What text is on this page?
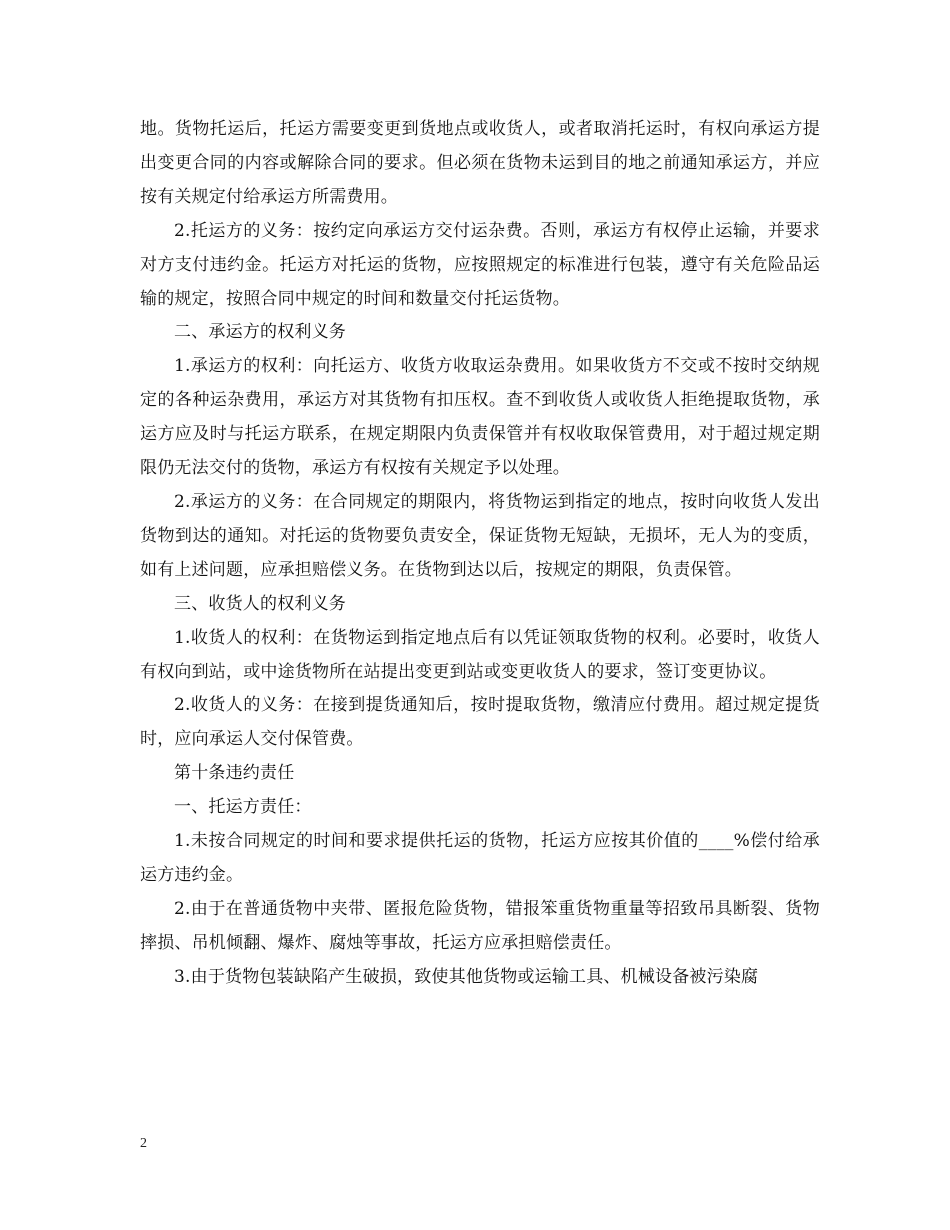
地。货物托运后，托运方需要变更到货地点或收货人，或者取消托运时，有权向承运方提出变更合同的内容或解除合同的要求。但必须在货物未运到目的地之前通知承运方，并应按有关规定付给承运方所需费用。

2.托运方的义务：按约定向承运方交付运杂费。否则，承运方有权停止运输，并要求对方支付违约金。托运方对托运的货物，应按照规定的标准进行包装，遵守有关危险品运输的规定，按照合同中规定的时间和数量交付托运货物。

二、承运方的权利义务

1.承运方的权利：向托运方、收货方收取运杂费用。如果收货方不交或不按时交纳规定的各种运杂费用，承运方对其货物有扣压权。查不到收货人或收货人拒绝提取货物，承运方应及时与托运方联系，在规定期限内负责保管并有权收取保管费用，对于超过规定期限仍无法交付的货物，承运方有权按有关规定予以处理。

2.承运方的义务：在合同规定的期限内，将货物运到指定的地点，按时向收货人发出货物到达的通知。对托运的货物要负责安全，保证货物无短缺，无损坏，无人为的变质，如有上述问题，应承担赔偿义务。在货物到达以后，按规定的期限，负责保管。

三、收货人的权利义务

1.收货人的权利：在货物运到指定地点后有以凭证领取货物的权利。必要时，收货人有权向到站，或中途货物所在站提出变更到站或变更收货人的要求，签订变更协议。

2.收货人的义务：在接到提货通知后，按时提取货物，缴清应付费用。超过规定提货时，应向承运人交付保管费。

第十条违约责任

一、托运方责任：

1.未按合同规定的时间和要求提供托运的货物，托运方应按其价值的____%偿付给承运方违约金。

2.由于在普通货物中夹带、匿报危险货物，错报笨重货物重量等招致吊具断裂、货物摔损、吊机倾翻、爆炸、腐烛等事故，托运方应承担赔偿责任。

3.由于货物包装缺陷产生破损，致使其他货物或运输工具、机械设备被污染腐

2
